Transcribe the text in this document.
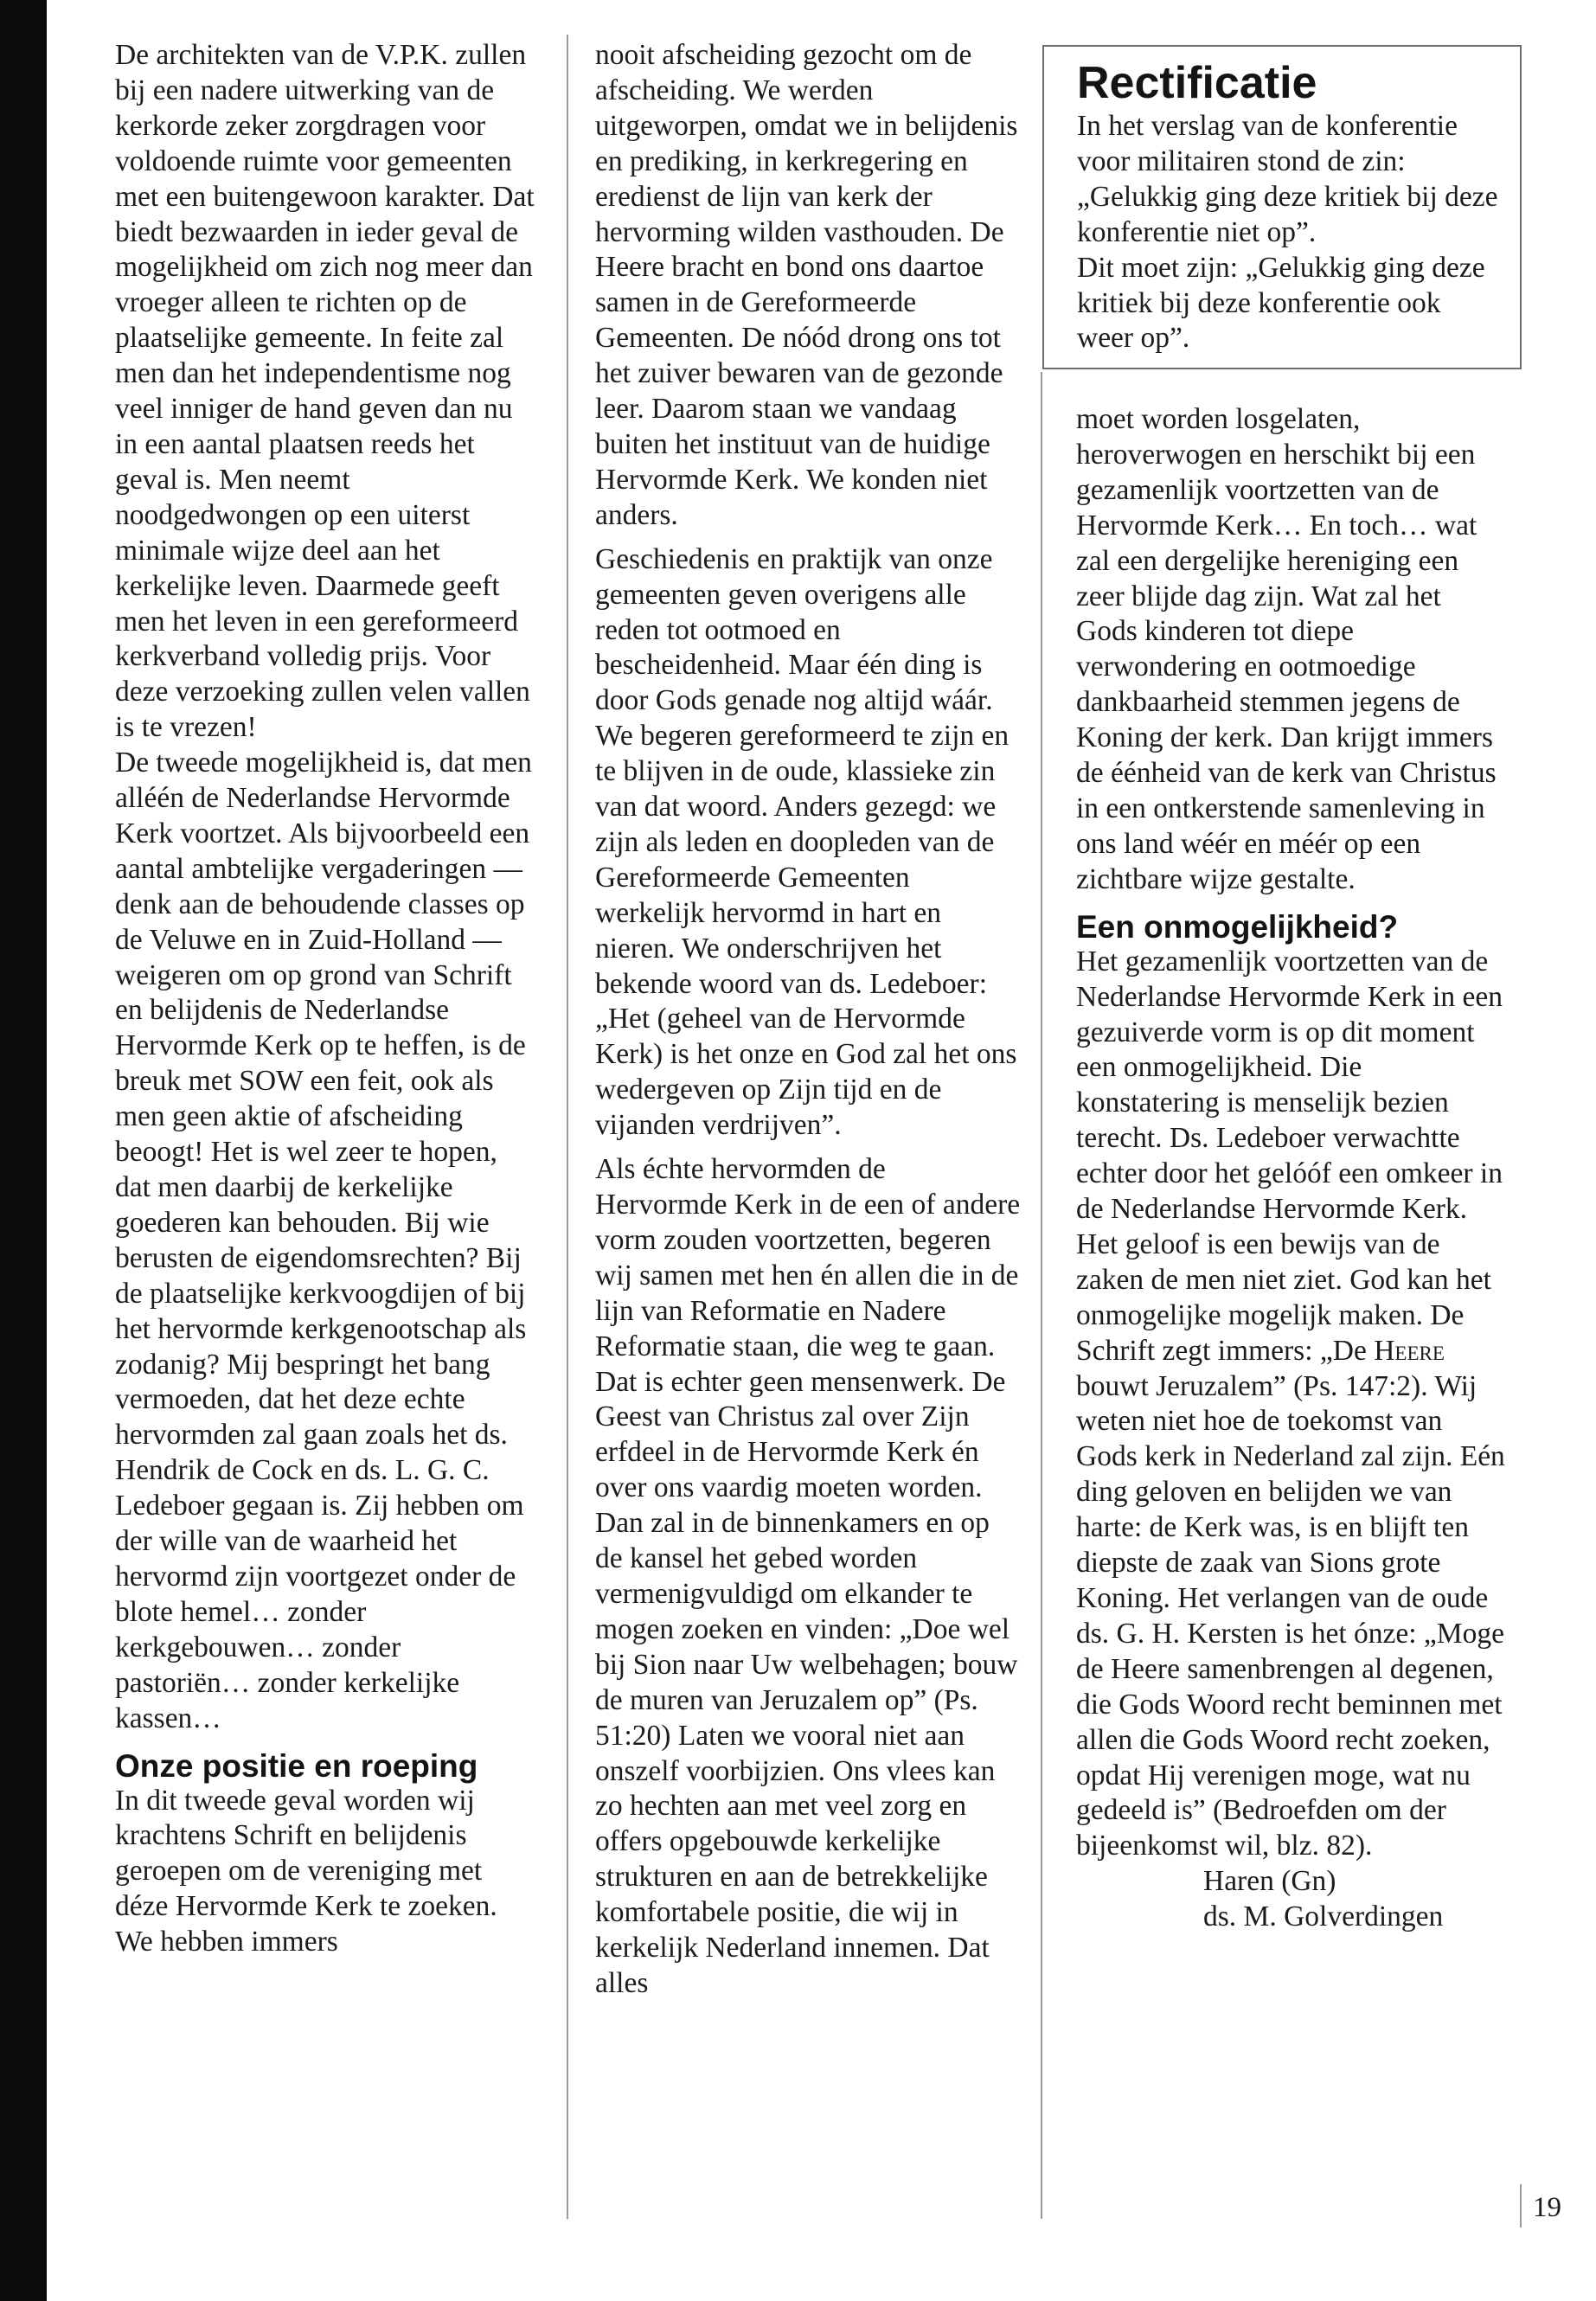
De architekten van de V.P.K. zullen bij een nadere uitwerking van de kerkorde zeker zorgdragen voor voldoende ruimte voor gemeenten met een buitengewoon karakter. Dat biedt bezwaarden in ieder geval de mogelijkheid om zich nog meer dan vroeger alleen te richten op de plaatselijke gemeente. In feite zal men dan het independentisme nog veel inniger de hand geven dan nu in een aantal plaatsen reeds het geval is. Men neemt noodgedwongen op een uiterst minimale wijze deel aan het kerkelijke leven. Daarmede geeft men het leven in een gereformeerd kerkverband volledig prijs. Voor deze verzoeking zullen velen vallen is te vrezen!

De tweede mogelijkheid is, dat men alléén de Nederlandse Hervormde Kerk voortzet. Als bijvoorbeeld een aantal ambtelijke vergaderingen — denk aan de behoudende classes op de Veluwe en in Zuid-Holland — weigeren om op grond van Schrift en belijdenis de Nederlandse Hervormde Kerk op te heffen, is de breuk met SOW een feit, ook als men geen aktie of afscheiding beoogt! Het is wel zeer te hopen, dat men daarbij de kerkelijke goederen kan behouden. Bij wie berusten de eigendomsrechten? Bij de plaatselijke kerkvoogdijen of bij het hervormde kerkgenootschap als zodanig? Mij bespringt het bang vermoeden, dat het deze echte hervormden zal gaan zoals het ds. Hendrik de Cock en ds. L. G. C. Ledeboer gegaan is. Zij hebben om der wille van de waarheid het hervormd zijn voortgezet onder de blote hemel… zonder kerkgebouwen… zonder pastoriën… zonder kerkelijke kassen…

Onze positie en roeping

In dit tweede geval worden wij krachtens Schrift en belijdenis geroepen om de vereniging met déze Hervormde Kerk te zoeken. We hebben immers

nooit afscheiding gezocht om de afscheiding. We werden uitgeworpen, omdat we in belijdenis en prediking, in kerkregering en eredienst de lijn van kerk der hervorming wilden vasthouden. De Heere bracht en bond ons daartoe samen in de Gereformeerde Gemeenten. De nóód drong ons tot het zuiver bewaren van de gezonde leer. Daarom staan we vandaag buiten het instituut van de huidige Hervormde Kerk. We konden niet anders.

Geschiedenis en praktijk van onze gemeenten geven overigens alle reden tot ootmoed en bescheidenheid. Maar één ding is door Gods genade nog altijd wáár. We begeren gereformeerd te zijn en te blijven in de oude, klassieke zin van dat woord. Anders gezegd: we zijn als leden en doopleden van de Gereformeerde Gemeenten werkelijk hervormd in hart en nieren. We onderschrijven het bekende woord van ds. Ledeboer: „Het (geheel van de Hervormde Kerk) is het onze en God zal het ons wedergeven op Zijn tijd en de vijanden verdrijven”.

Als échte hervormden de Hervormde Kerk in de een of andere vorm zouden voortzetten, begeren wij samen met hen én allen die in de lijn van Reformatie en Nadere Reformatie staan, die weg te gaan. Dat is echter geen mensenwerk. De Geest van Christus zal over Zijn erfdeel in de Hervormde Kerk én over ons vaardig moeten worden. Dan zal in de binnenkamers en op de kansel het gebed worden vermenigvuldigd om elkander te mogen zoeken en vinden: „Doe wel bij Sion naar Uw welbehagen; bouw de muren van Jeruzalem op” (Ps. 51:20) Laten we vooral niet aan onszelf voorbijzien. Ons vlees kan zo hechten aan met veel zorg en offers opgebouwde kerkelijke strukturen en aan de betrekkelijke komfortabele positie, die wij in kerkelijk Nederland innemen. Dat alles

Rectificatie

In het verslag van de konferentie voor militairen stond de zin: „Gelukkig ging deze kritiek bij deze konferentie niet op”.

Dit moet zijn: „Gelukkig ging deze kritiek bij deze konferentie ook weer op”.

moet worden losgelaten, heroverwogen en herschikt bij een gezamenlijk voortzetten van de Hervormde Kerk… En toch… wat zal een dergelijke hereniging een zeer blijde dag zijn. Wat zal het Gods kinderen tot diepe verwondering en ootmoedige dankbaarheid stemmen jegens de Koning der kerk. Dan krijgt immers de éénheid van de kerk van Christus in een ontkerstende samenleving in ons land wéér en méér op een zichtbare wijze gestalte.

Een onmogelijkheid?

Het gezamenlijk voortzetten van de Nederlandse Hervormde Kerk in een gezuiverde vorm is op dit moment een onmogelijkheid. Die konstatering is menselijk bezien terecht. Ds. Ledeboer verwachtte echter door het gelóóf een omkeer in de Nederlandse Hervormde Kerk. Het geloof is een bewijs van de zaken de men niet ziet. God kan het onmogelijke mogelijk maken. De Schrift zegt immers: „De Heere bouwt Jeruzalem” (Ps. 147:2). Wij weten niet hoe de toekomst van Gods kerk in Nederland zal zijn. Eén ding geloven en belijden we van harte: de Kerk was, is en blijft ten diepste de zaak van Sions grote Koning. Het verlangen van de oude ds. G. H. Kersten is het ónze: „Moge de Heere samenbrengen al degenen, die Gods Woord recht beminnen met allen die Gods Woord recht zoeken, opdat Hij verenigen moge, wat nu gedeeld is” (Bedroefden om der bijeenkomst wil, blz. 82).

Haren (Gn)
ds. M. Golverdingen

19
